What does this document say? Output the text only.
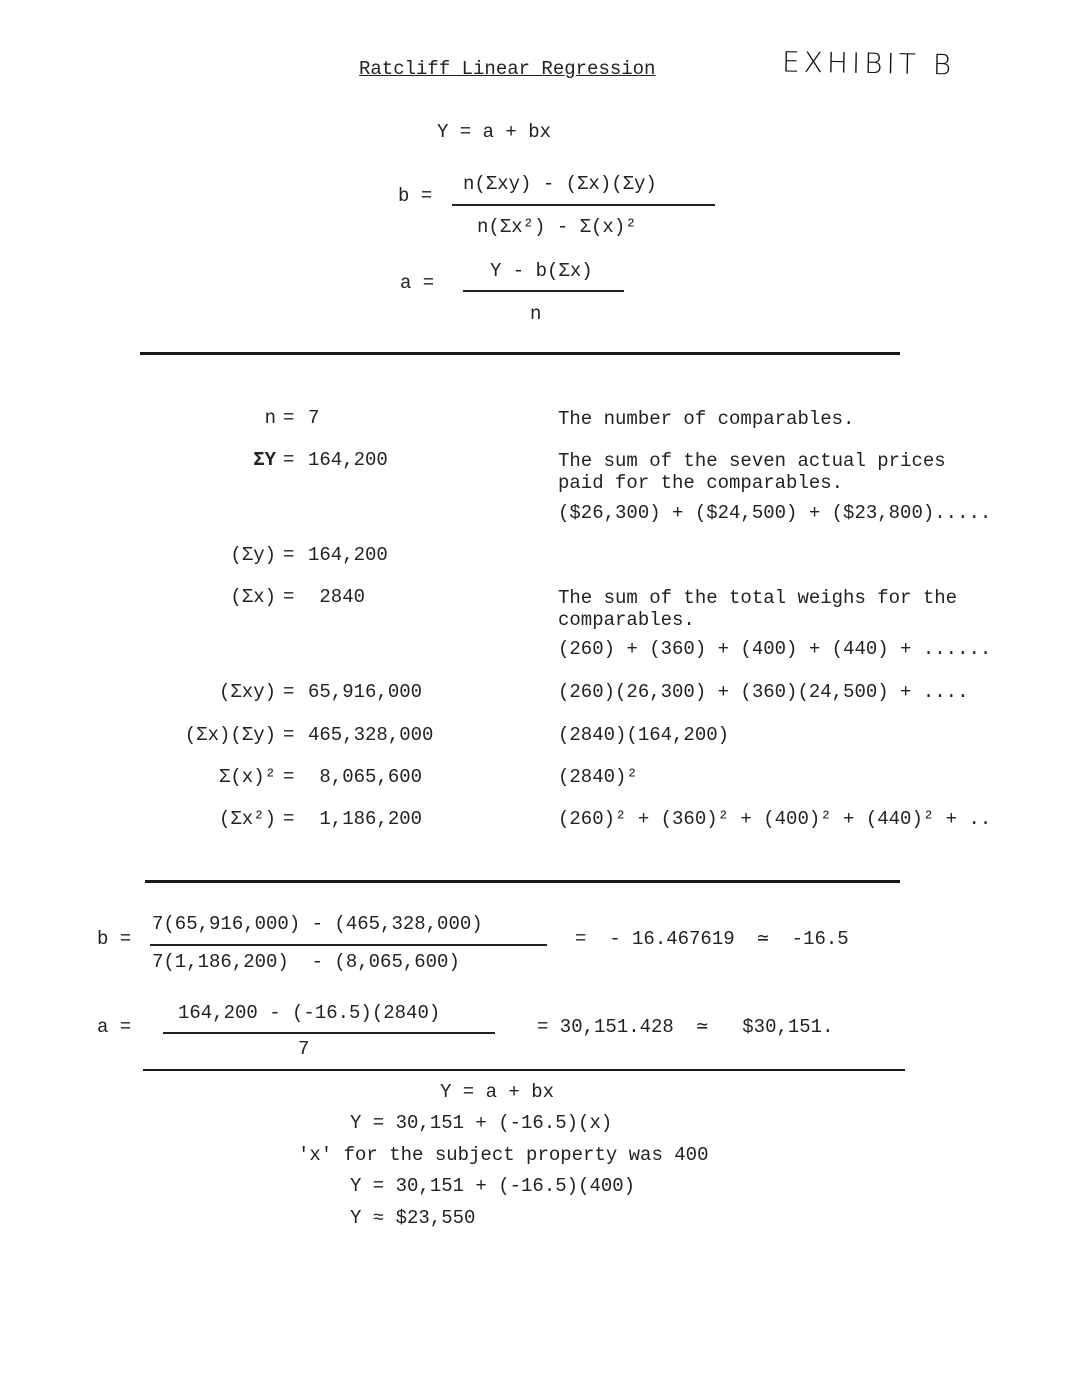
Ratcliff Linear Regression	EXHIBIT B
Y = a + bx
b =
n(Σxy) - (Σx)(Σy)
n(Σx²) - Σ(x)²
a =
Y - b(Σx)
n
n = 7	The number of comparables.
ΣY = 164,200	The sum of the seven actual prices
paid for the comparables.
($26,300) + ($24,500) + ($23,800).....
(Σy) = 164,200
(Σx) = 2840	The sum of the total weighs for the
comparables.
(260) + (360) + (400) + (440) + ......
(Σxy) = 65,916,000	(260)(26,300) + (360)(24,500) + ....
(Σx)(Σy) = 465,328,000	(2840)(164,200)
Σ(x)² = 8,065,600	(2840)²
(Σx²) = 1,186,200	(260)² + (360)² + (400)² + (440)² + ..
b =
7(65,916,000) - (465,328,000)
7(1,186,200)  - (8,065,600)
=  - 16.467619  ≃  -16.5
a =
164,200 - (-16.5)(2840)
7
= 30,151.428  ≃   $30,151.
Y = a + bx
Y = 30,151 + (-16.5)(x)
'x' for the subject property was 400
Y = 30,151 + (-16.5)(400)
Y ≈ $23,550
